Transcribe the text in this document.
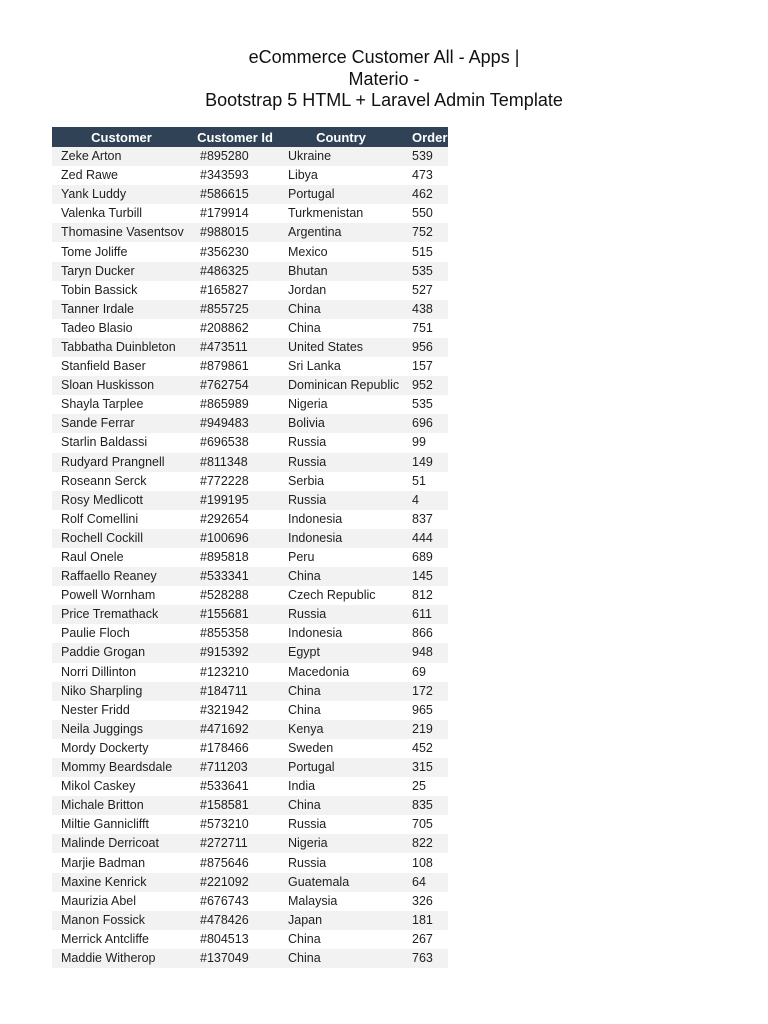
eCommerce Customer All - Apps |
Materio -
Bootstrap 5 HTML + Laravel Admin Template
Customer	Customer Id	Country	Order
Zeke Arton	#895280	Ukraine	539
Zed Rawe	#343593	Libya	473
Yank Luddy	#586615	Portugal	462
Valenka Turbill	#179914	Turkmenistan	550
Thomasine Vasentsov	#988015	Argentina	752
Tome Joliffe	#356230	Mexico	515
Taryn Ducker	#486325	Bhutan	535
Tobin Bassick	#165827	Jordan	527
Tanner Irdale	#855725	China	438
Tadeo Blasio	#208862	China	751
Tabbatha Duinbleton	#473511	United States	956
Stanfield Baser	#879861	Sri Lanka	157
Sloan Huskisson	#762754	Dominican Republic	952
Shayla Tarplee	#865989	Nigeria	535
Sande Ferrar	#949483	Bolivia	696
Starlin Baldassi	#696538	Russia	99
Rudyard Prangnell	#811348	Russia	149
Roseann Serck	#772228	Serbia	51
Rosy Medlicott	#199195	Russia	4
Rolf Comellini	#292654	Indonesia	837
Rochell Cockill	#100696	Indonesia	444
Raul Onele	#895818	Peru	689
Raffaello Reaney	#533341	China	145
Powell Wornham	#528288	Czech Republic	812
Price Tremathack	#155681	Russia	611
Paulie Floch	#855358	Indonesia	866
Paddie Grogan	#915392	Egypt	948
Norri Dillinton	#123210	Macedonia	69
Niko Sharpling	#184711	China	172
Nester Fridd	#321942	China	965
Neila Juggings	#471692	Kenya	219
Mordy Dockerty	#178466	Sweden	452
Mommy Beardsdale	#711203	Portugal	315
Mikol Caskey	#533641	India	25
Michale Britton	#158581	China	835
Miltie Ganniclifft	#573210	Russia	705
Malinde Derricoat	#272711	Nigeria	822
Marjie Badman	#875646	Russia	108
Maxine Kenrick	#221092	Guatemala	64
Maurizia Abel	#676743	Malaysia	326
Manon Fossick	#478426	Japan	181
Merrick Antcliffe	#804513	China	267
Maddie Witherop	#137049	China	763
